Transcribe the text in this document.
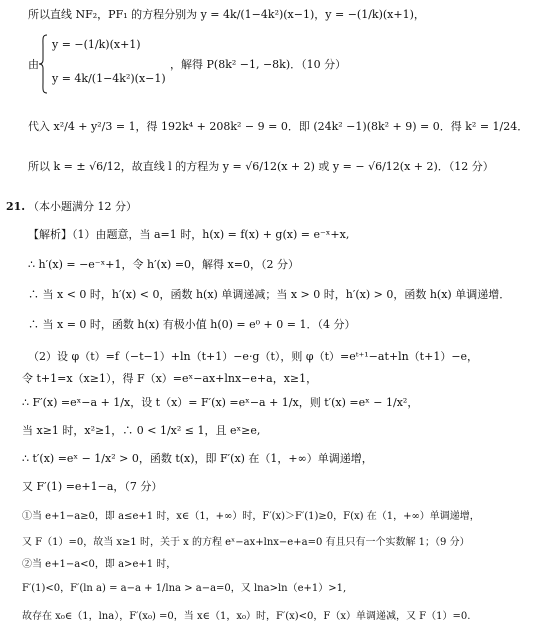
所以直线 NF₂，PF₁ 的方程分别为 y = 4k/(1−4k²)(x−1)，y = −(1/k)(x+1)，
由
y = −(1/k)(x+1)
y = 4k/(1−4k²)(x−1)
，解得 P(8k² −1, −8k)．（10 分）
代入 x²/4 + y²/3 = 1，得 192k⁴ + 208k² − 9 = 0．即 (24k² −1)(8k² + 9) = 0．得 k² = 1/24．
所以 k = ± √6/12，故直线 l 的方程为 y = √6/12(x + 2) 或 y = − √6/12(x + 2)．（12 分）
21. （本小题满分 12 分）
【解析】（1）由题意，当 a=1 时，h(x) = f(x) + g(x) = e⁻ˣ+x,
∴ h′(x) = −e⁻ˣ+1，令 h′(x) =0，解得 x=0，（2 分）
∴ 当 x < 0 时，h′(x) < 0，函数 h(x) 单调递减；当 x > 0 时，h′(x) > 0，函数 h(x) 单调递增．
∴ 当 x = 0 时，函数 h(x) 有极小值 h(0) = e⁰ + 0 = 1．（4 分）
（2）设 φ（t）=f（−t−1）+ln（t+1）−e·g（t），则 φ（t）=eᵗ⁺¹−at+ln（t+1）−e，
令 t+1=x（x≥1），得 F（x）=eˣ−ax+lnx−e+a，x≥1，
∴ F′(x) =eˣ−a + 1/x，设 t（x）= F′(x) =eˣ−a + 1/x，则 t′(x) =eˣ − 1/x²，
当 x≥1 时，x²≥1，∴ 0 < 1/x² ≤ 1，且 eˣ≥e,
∴ t′(x) =eˣ − 1/x² > 0，函数 t(x)，即 F′(x) 在（1，+∞）单调递增，
又 F′(1) =e+1−a，（7 分）
①当 e+1−a≥0，即 a≤e+1 时，x∈（1，+∞）时，F′(x)＞F′(1)≥0，F(x) 在（1，+∞）单调递增，
又 F（1）=0，故当 x≥1 时，关于 x 的方程 eˣ−ax+lnx−e+a=0 有且只有一个实数解 1；（9 分）
②当 e+1−a<0，即 a>e+1 时，
F′(1)<0，F′(ln a) = a−a + 1/lna > a−a=0，又 lna>ln（e+1）>1,
故存在 x₀∈（1，lna），F′(x₀) =0，当 x∈（1，x₀）时，F′(x)<0，F（x）单调递减，又 F（1）=0.
